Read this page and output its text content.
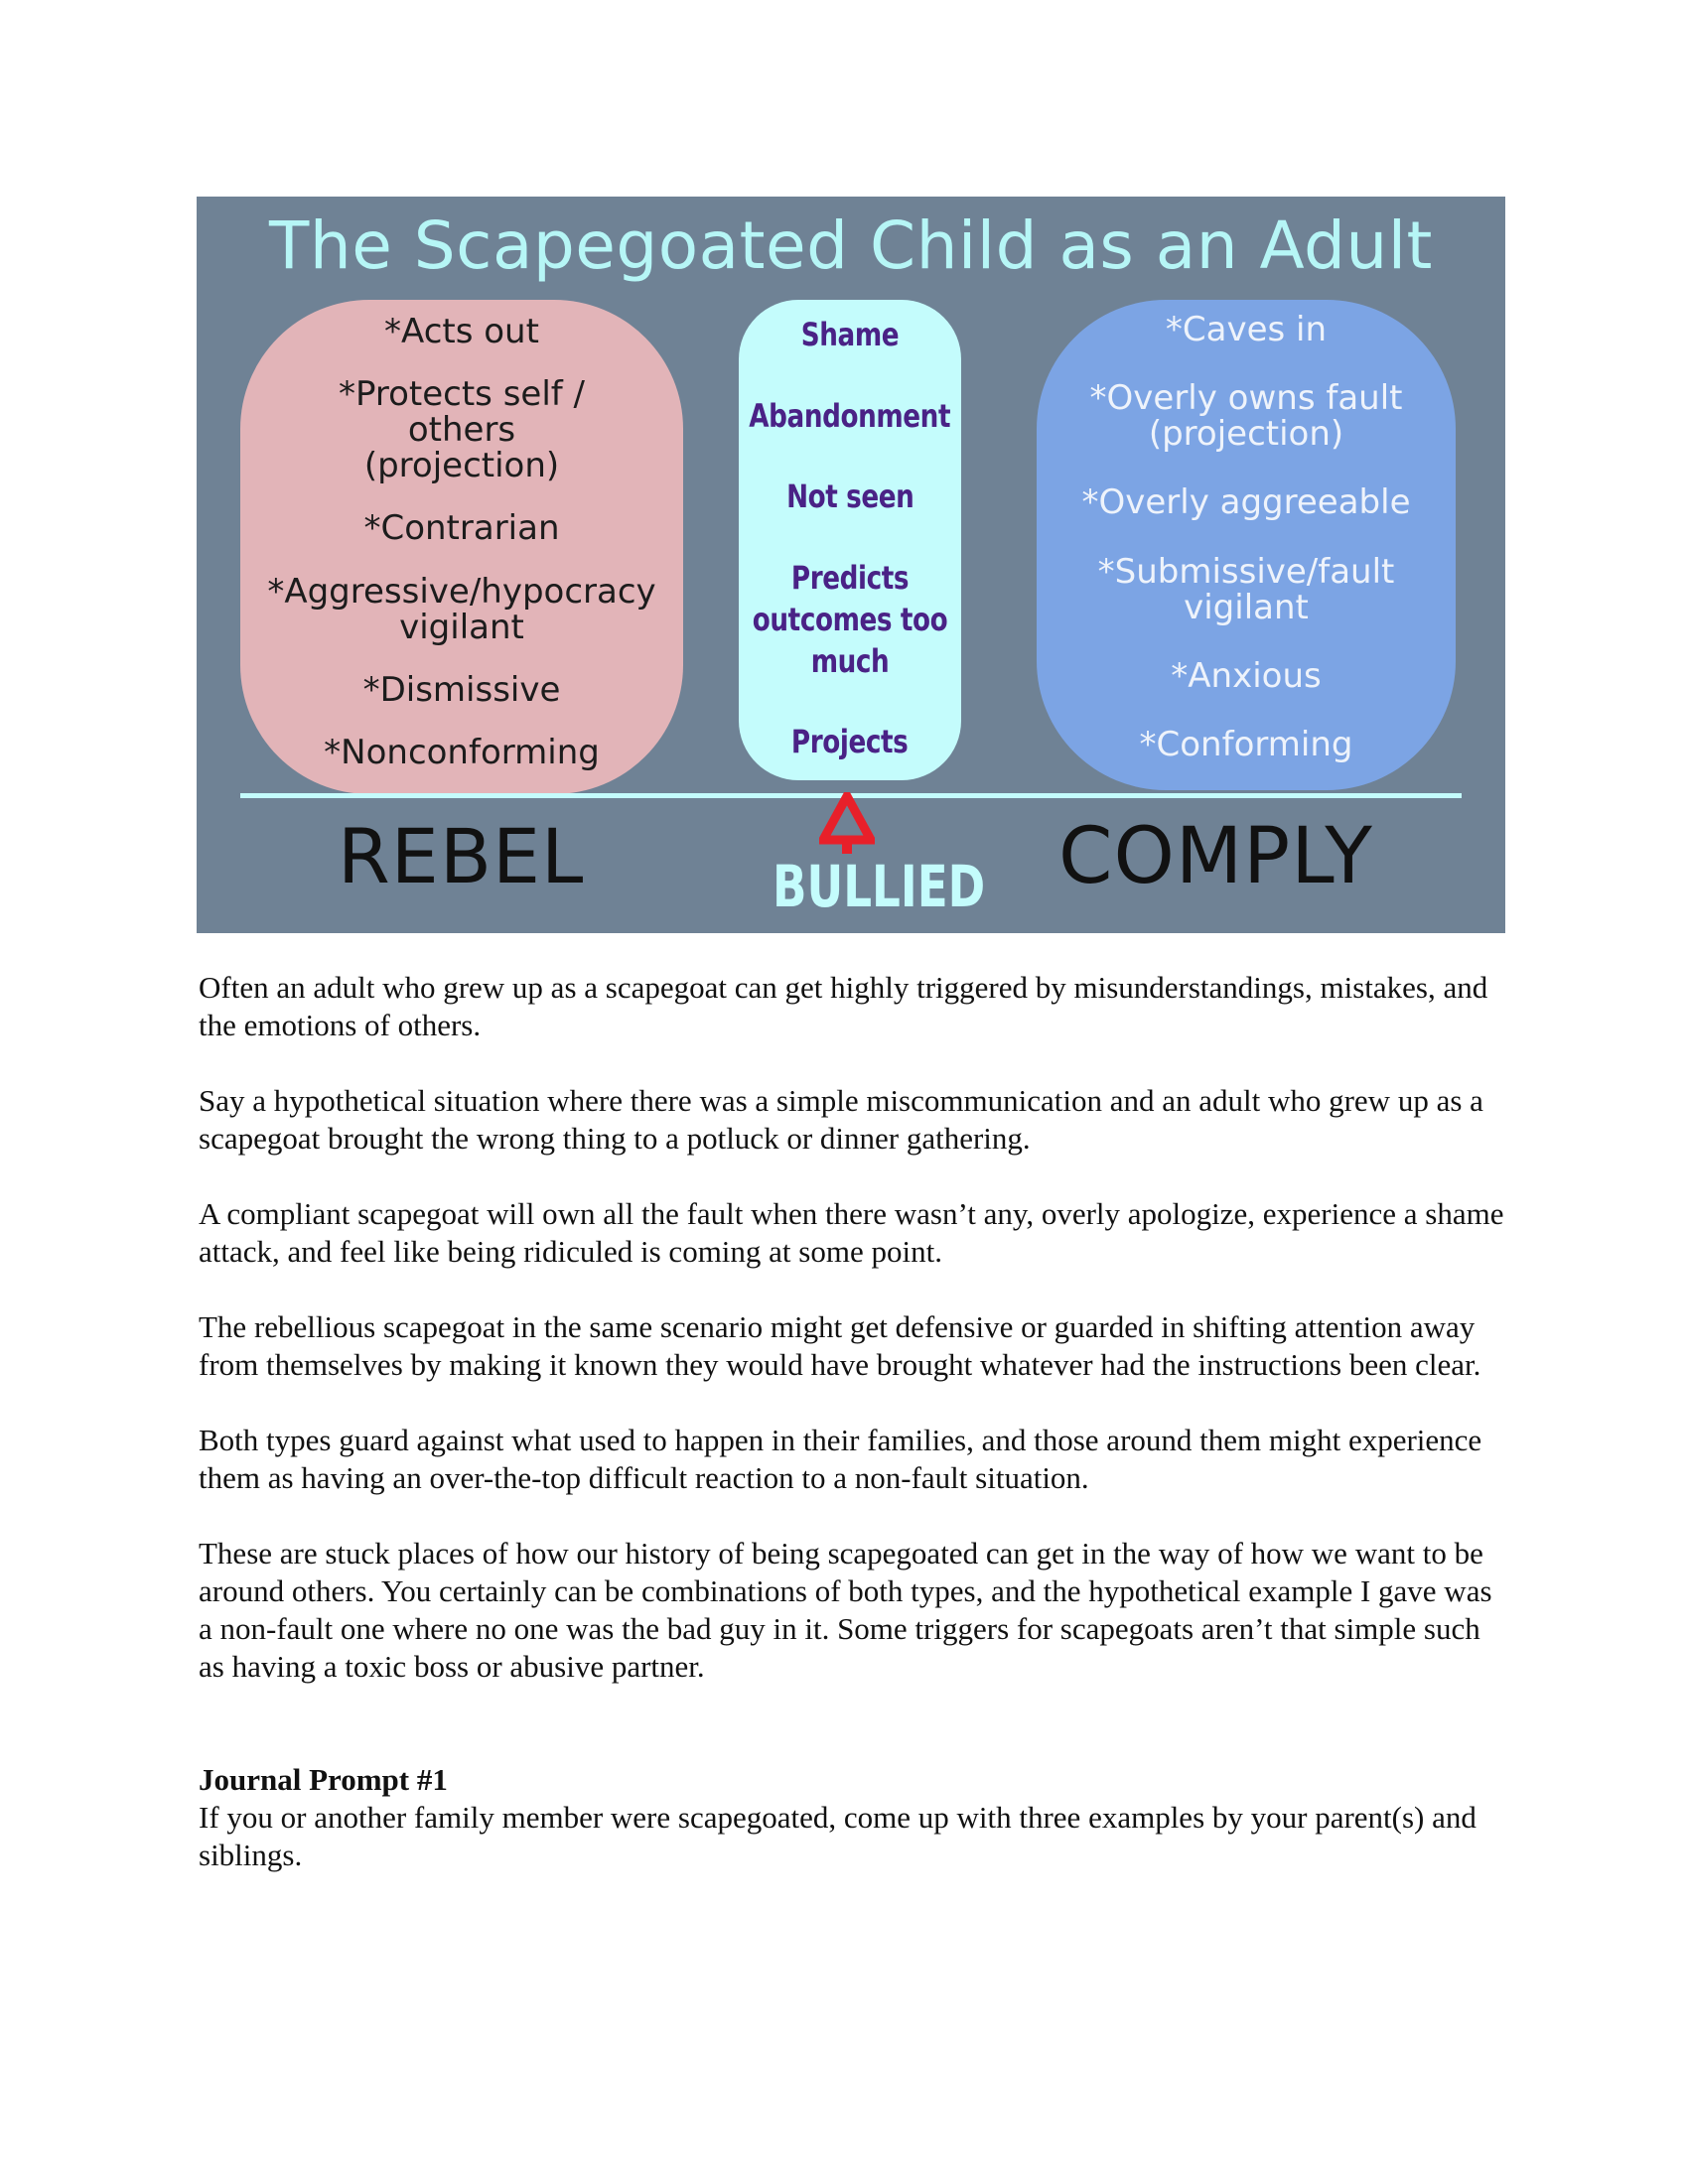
The Scapegoated Child as an Adult

*Acts out

*Protects self / others (projection)

*Contrarian

*Aggressive/hypocracy vigilant

*Dismissive

*Nonconforming

Shame

Abandonment

Not seen

Predicts outcomes too much

Projects

*Caves in

*Overly owns fault (projection)

*Overly aggreeable

*Submissive/fault vigilant

*Anxious

*Conforming

REBEL	BULLIED COMPLY

Often an adult who grew up as a scapegoat can get highly triggered by misunderstandings, mistakes, and the emotions of others.

Say a hypothetical situation where there was a simple miscommunication and an adult who grew up as a scapegoat brought the wrong thing to a potluck or dinner gathering.

A compliant scapegoat will own all the fault when there wasn’t any, overly apologize, experience a shame attack, and feel like being ridiculed is coming at some point.

The rebellious scapegoat in the same scenario might get defensive or guarded in shifting attention away from themselves by making it known they would have brought whatever had the instructions been clear.

Both types guard against what used to happen in their families, and those around them might experience them as having an over-the-top difficult reaction to a non-fault situation.

These are stuck places of how our history of being scapegoated can get in the way of how we want to be around others. You certainly can be combinations of both types, and the hypothetical example I gave was a non-fault one where no one was the bad guy in it. Some triggers for scapegoats aren’t that simple such as having a toxic boss or abusive partner.

Journal Prompt #1

If you or another family member were scapegoated, come up with three examples by your parent(s) and siblings.
